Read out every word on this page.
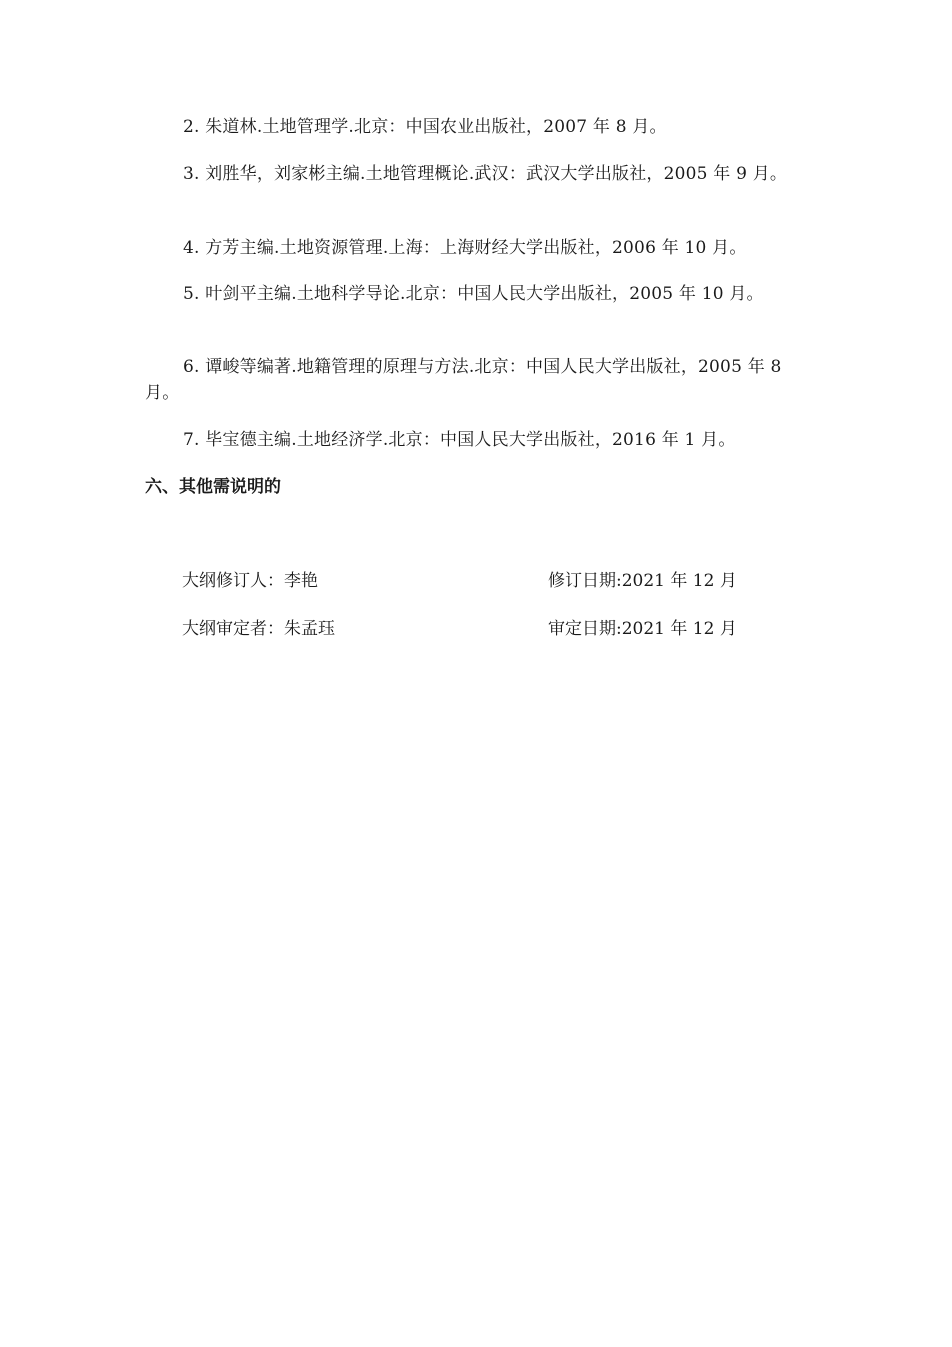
2. 朱道林.土地管理学.北京：中国农业出版社，2007 年 8 月。

3. 刘胜华，刘家彬主编.土地管理概论.武汉：武汉大学出版社，2005 年 9 月。

4. 方芳主编.土地资源管理.上海：上海财经大学出版社，2006 年 10 月。

5. 叶剑平主编.土地科学导论.北京：中国人民大学出版社，2005 年 10 月。

6. 谭峻等编著.地籍管理的原理与方法.北京：中国人民大学出版社，2005 年 8 月。

7. 毕宝德主编.土地经济学.北京：中国人民大学出版社，2016 年 1 月。

六、其他需说明的

大纲修订人：李艳	修订日期:2021 年 12 月

大纲审定者：朱孟珏	审定日期:2021 年 12 月
